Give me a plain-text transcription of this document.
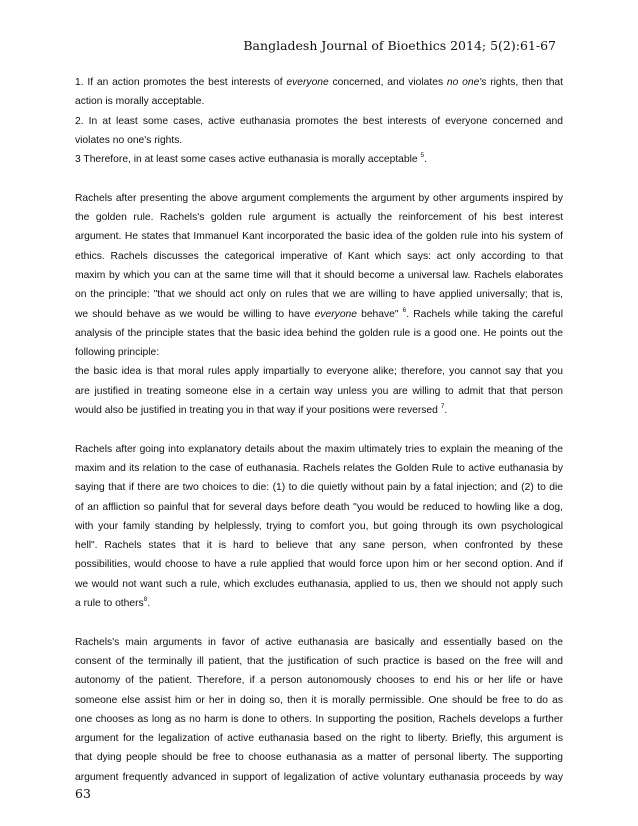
Bangladesh Journal of Bioethics 2014; 5(2):61-67

1. If an action promotes the best interests of everyone concerned, and violates no one's rights, then that

action is morally acceptable.

2. In at least some cases, active euthanasia promotes the best interests of everyone concerned and

violates no one's rights.

3 Therefore, in at least some cases active euthanasia is morally acceptable $^5$.

Rachels after presenting the above argument complements the argument by other arguments inspired by

the golden rule. Rachels's golden rule argument is actually the reinforcement of his best interest

argument. He states that Immanuel Kant incorporated the basic idea of the golden rule into his system of

ethics. Rachels discusses the categorical imperative of Kant which says: act only according to that

maxim by which you can at the same time will that it should become a universal law. Rachels elaborates

on the principle: "that we should act only on rules that we are willing to have applied universally; that is,

we should behave as we would be willing to have everyone behave" $^6$. Rachels while taking the careful

analysis of the principle states that the basic idea behind the golden rule is a good one. He points out the

following principle:

the basic idea is that moral rules apply impartially to everyone alike; therefore, you cannot say that you

are justified in treating someone else in a certain way unless you are willing to admit that that person

would also be justified in treating you in that way if your positions were reversed $^7$.

Rachels after going into explanatory details about the maxim ultimately tries to explain the meaning of the

maxim and its relation to the case of euthanasia. Rachels relates the Golden Rule to active euthanasia by

saying that if there are two choices to die: (1) to die quietly without pain by a fatal injection; and (2) to die

of an affliction so painful that for several days before death "you would be reduced to howling like a dog,

with your family standing by helplessly, trying to comfort you, but going through its own psychological

hell". Rachels states that it is hard to believe that any sane person, when confronted by these

possibilities, would choose to have a rule applied that would force upon him or her second option. And if

we would not want such a rule, which excludes euthanasia, applied to us, then we should not apply such

a rule to others$^8$.

Rachels's main arguments in favor of active euthanasia are basically and essentially based on the

consent of the terminally ill patient, that the justification of such practice is based on the free will and

autonomy of the patient. Therefore, if a person autonomously chooses to end his or her life or have

someone else assist him or her in doing so, then it is morally permissible. One should be free to do as

one chooses as long as no harm is done to others. In supporting the position, Rachels develops a further

argument for the legalization of active euthanasia based on the right to liberty. Briefly, this argument is

that dying people should be free to choose euthanasia as a matter of personal liberty. The supporting

argument frequently advanced in support of legalization of active voluntary euthanasia proceeds by way

63
